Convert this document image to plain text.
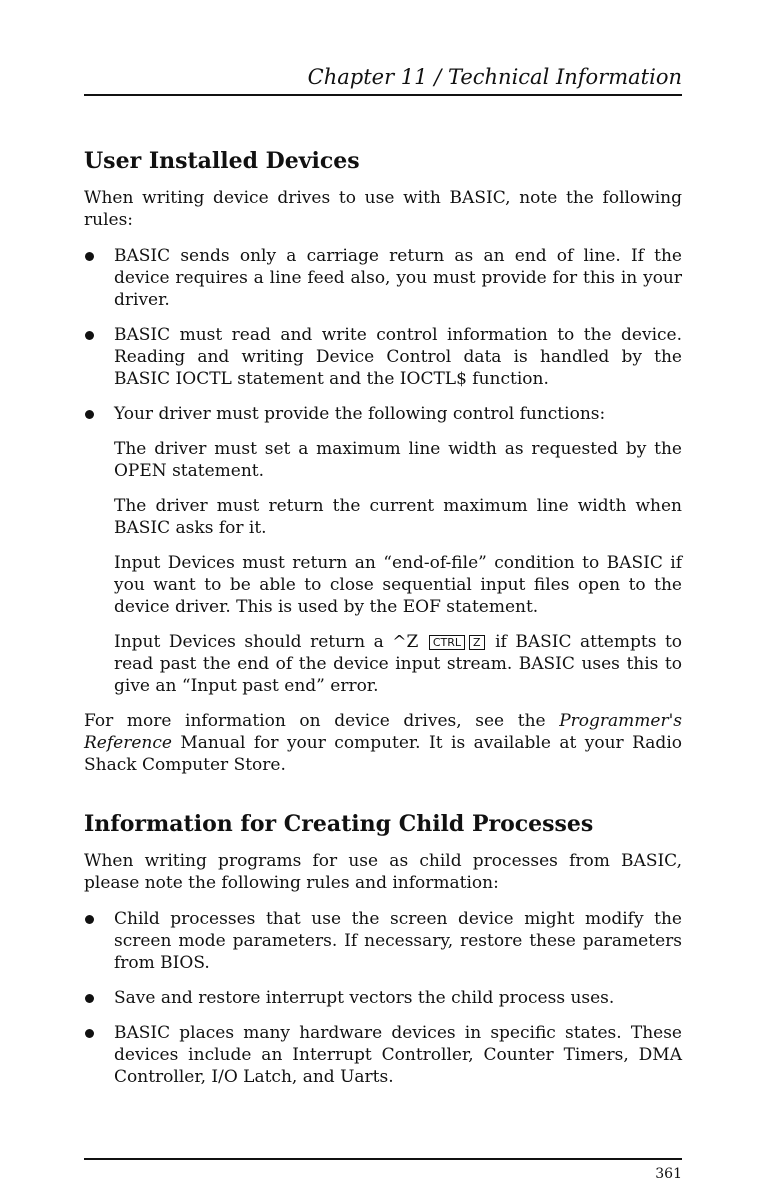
Chapter 11 / Technical Information
User Installed Devices

When writing device drives to use with BASIC, note the following rules:

BASIC sends only a carriage return as an end of line. If the device requires a line feed also, you must provide for this in your driver.
BASIC must read and write control information to the device. Reading and writing Device Control data is handled by the BASIC IOCTL statement and the IOCTL$ function.
Your driver must provide the following control functions:

The driver must set a maximum line width as requested by the OPEN statement.

The driver must return the current maximum line width when BASIC asks for it.

Input Devices must return an “end-of-file” condition to BASIC if you want to be able to close sequential input files open to the device driver. This is used by the EOF statement.

Input Devices should return a ^Z CTRL Z if BASIC attempts to read past the end of the device input stream. BASIC uses this to give an “Input past end” error.

For more information on device drives, see the Programmer's Reference Manual for your computer. It is available at your Radio Shack Computer Store.

Information for Creating Child Processes

When writing programs for use as child processes from BASIC, please note the following rules and information:

Child processes that use the screen device might modify the screen mode parameters. If necessary, restore these parameters from BIOS.
Save and restore interrupt vectors the child process uses.
BASIC places many hardware devices in specific states. These devices include an Interrupt Controller, Counter Timers, DMA Controller, I/O Latch, and Uarts.
361
